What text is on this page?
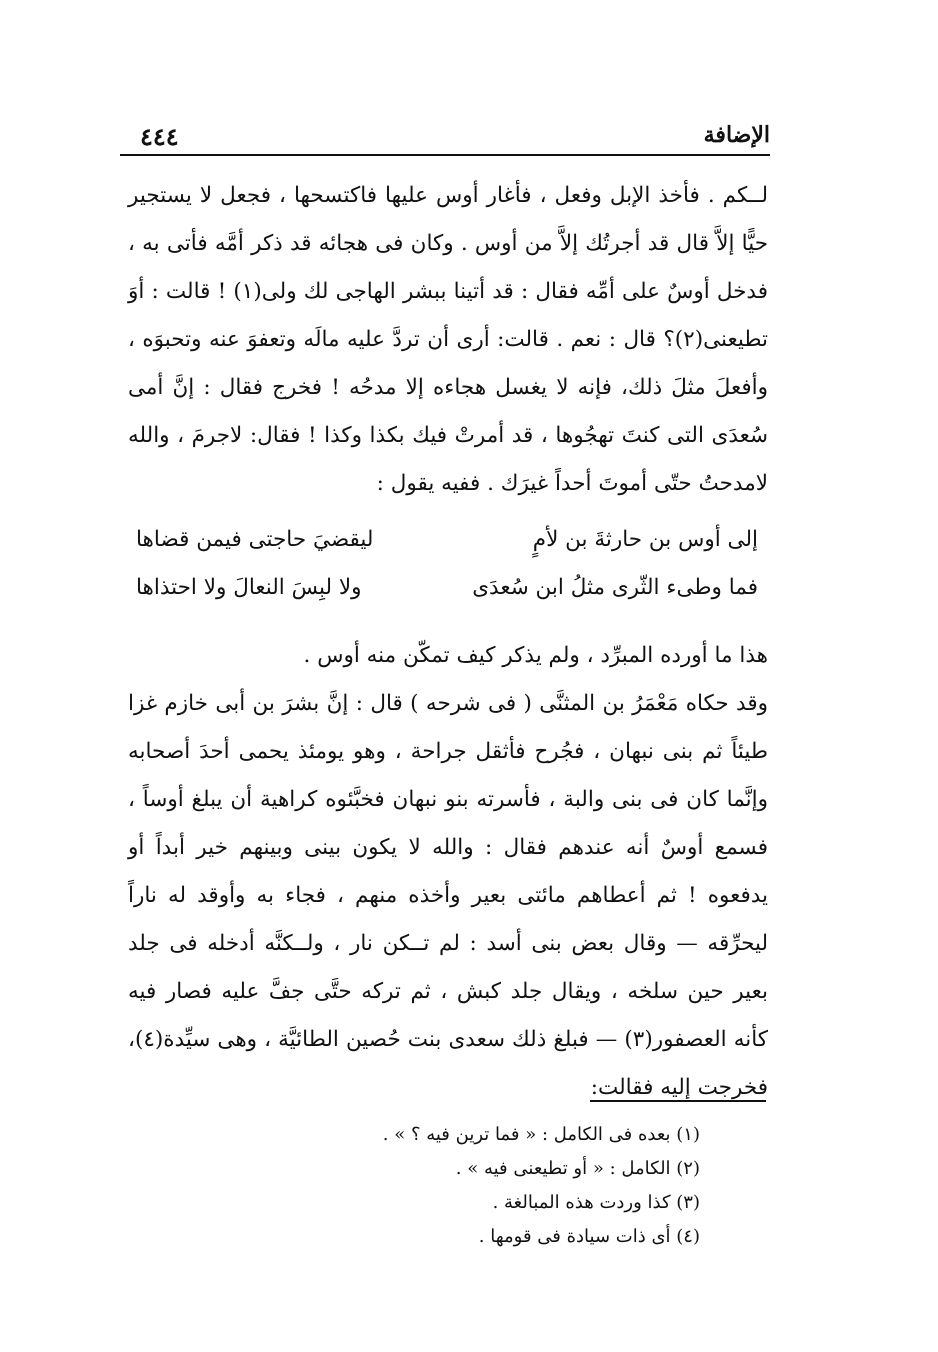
٤٤٤	الإضافة

لــكم . فأخذ الإبل وفعل ، فأغار أوس عليها فاكتسحها ، فجعل لا يستجير حيًّا إلاَّ قال قد أجرتُك إلاَّ من أوس . وكان فى هجائه قد ذكر أمَّه فأتى به ، فدخل أوسٌ على أمِّه فقال : قد أتينا ببشر الهاجى لك ولى(١) ! قالت : أوَ تطيعنى(٢)؟ قال : نعم . قالت: أرى أن تردَّ عليه مالَه وتعفوَ عنه وتحبوَه ، وأفعلَ مثلَ ذلك، فإنه لا يغسل هجاءه إلا مدحُه ! فخرج فقال : إنَّ أمى سُعدَى التى كنتَ تهجُوها ، قد أمرتْ فيك بكذا وكذا ! فقال: لاجرمَ ، والله لامدحتُ حتّى أموتَ أحداً غيرَك . ففيه يقول :

إلى أوس بن حارثةَ بن لأمٍ
ليقضيَ حاجتى فيمن قضاها
فما وطىء الثّرى مثلُ ابن سُعدَى
ولا لبِسَ النعالَ ولا احتذاها

هذا ما أورده المبرِّد ، ولم يذكر كيف تمكّن منه أوس .

وقد حكاه مَعْمَرُ بن المثنَّى ( فى شرحه ) قال : إنَّ بشرَ بن أبى خازم غزا طيئاً ثم بنى نبهان ، فجُرح فأثقل جراحة ، وهو يومئذ يحمى أحدَ أصحابه وإنَّما كان فى بنى والبة ، فأسرته بنو نبهان فخبَّئوه كراهية أن يبلغ أوساً ، فسمع أوسٌ أنه عندهم فقال : والله لا يكون بينى وبينهم خير أبداً أو يدفعوه ! ثم أعطاهم مائتى بعير وأخذه منهم ، فجاء به وأوقد له ناراً ليحرِّقه — وقال بعض بنى أسد : لم تــكن نار ، ولــكنَّه أدخله فى جلد بعير حين سلخه ، ويقال جلد كبش ، ثم تركه حتَّى جفَّ عليه فصار فيه كأنه العصفور(٣) — فبلغ ذلك سعدى بنت حُصين الطائيَّة ، وهى سيِّدة(٤)، فخرجت إليه فقالت:

(١) بعده فى الكامل : « فما ترين فيه ؟ » .
(٢) الكامل : « أو تطيعنى فيه » .
(٣) كذا وردت هذه المبالغة .
(٤) أى ذات سيادة فى قومها .
